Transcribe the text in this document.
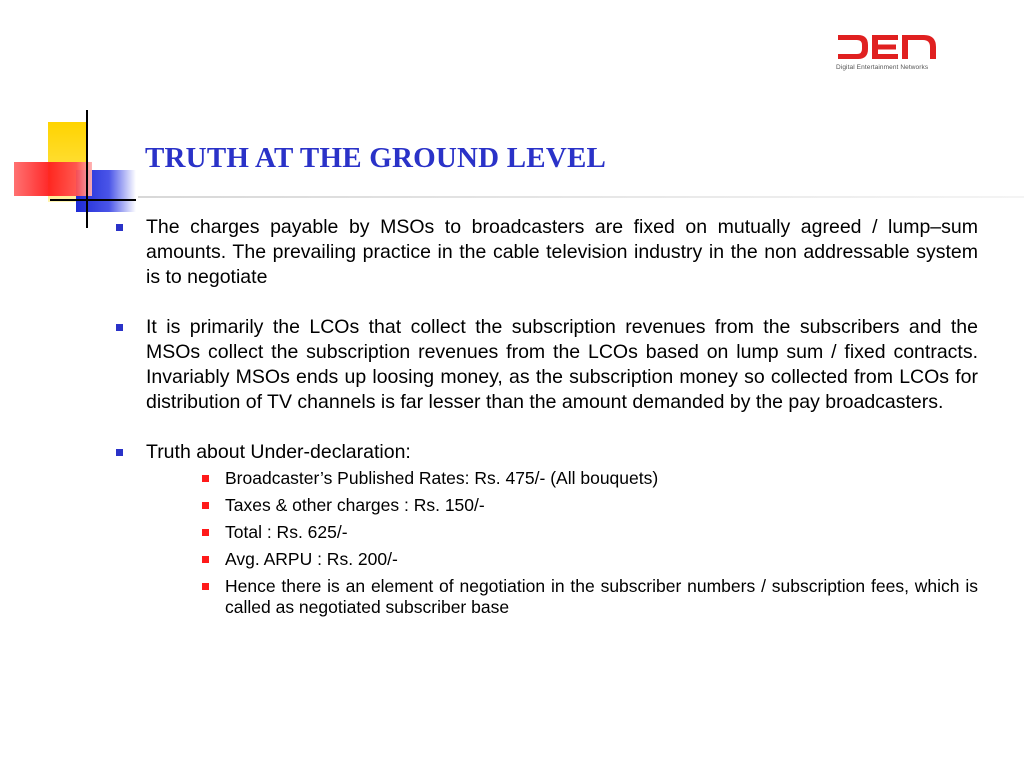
Digital Entertainment Networks
TRUTH AT THE GROUND LEVEL
The charges payable by MSOs to broadcasters are fixed on mutually agreed / lump–sum amounts. The prevailing practice in the cable television industry in the non addressable system is to negotiate
It is primarily the LCOs that collect the subscription revenues from the subscribers and the MSOs collect the subscription revenues from the LCOs based on lump sum / fixed contracts. Invariably MSOs ends up loosing money, as the subscription money so collected from LCOs for distribution of TV channels is far lesser than the amount demanded by the pay broadcasters.
Truth about Under-declaration:
Broadcaster’s Published Rates: Rs. 475/- (All bouquets)
Taxes & other charges : Rs. 150/-
Total : Rs. 625/-
Avg. ARPU : Rs. 200/-
Hence there is an element of negotiation in the subscriber numbers / subscription fees, which is called as negotiated subscriber base
